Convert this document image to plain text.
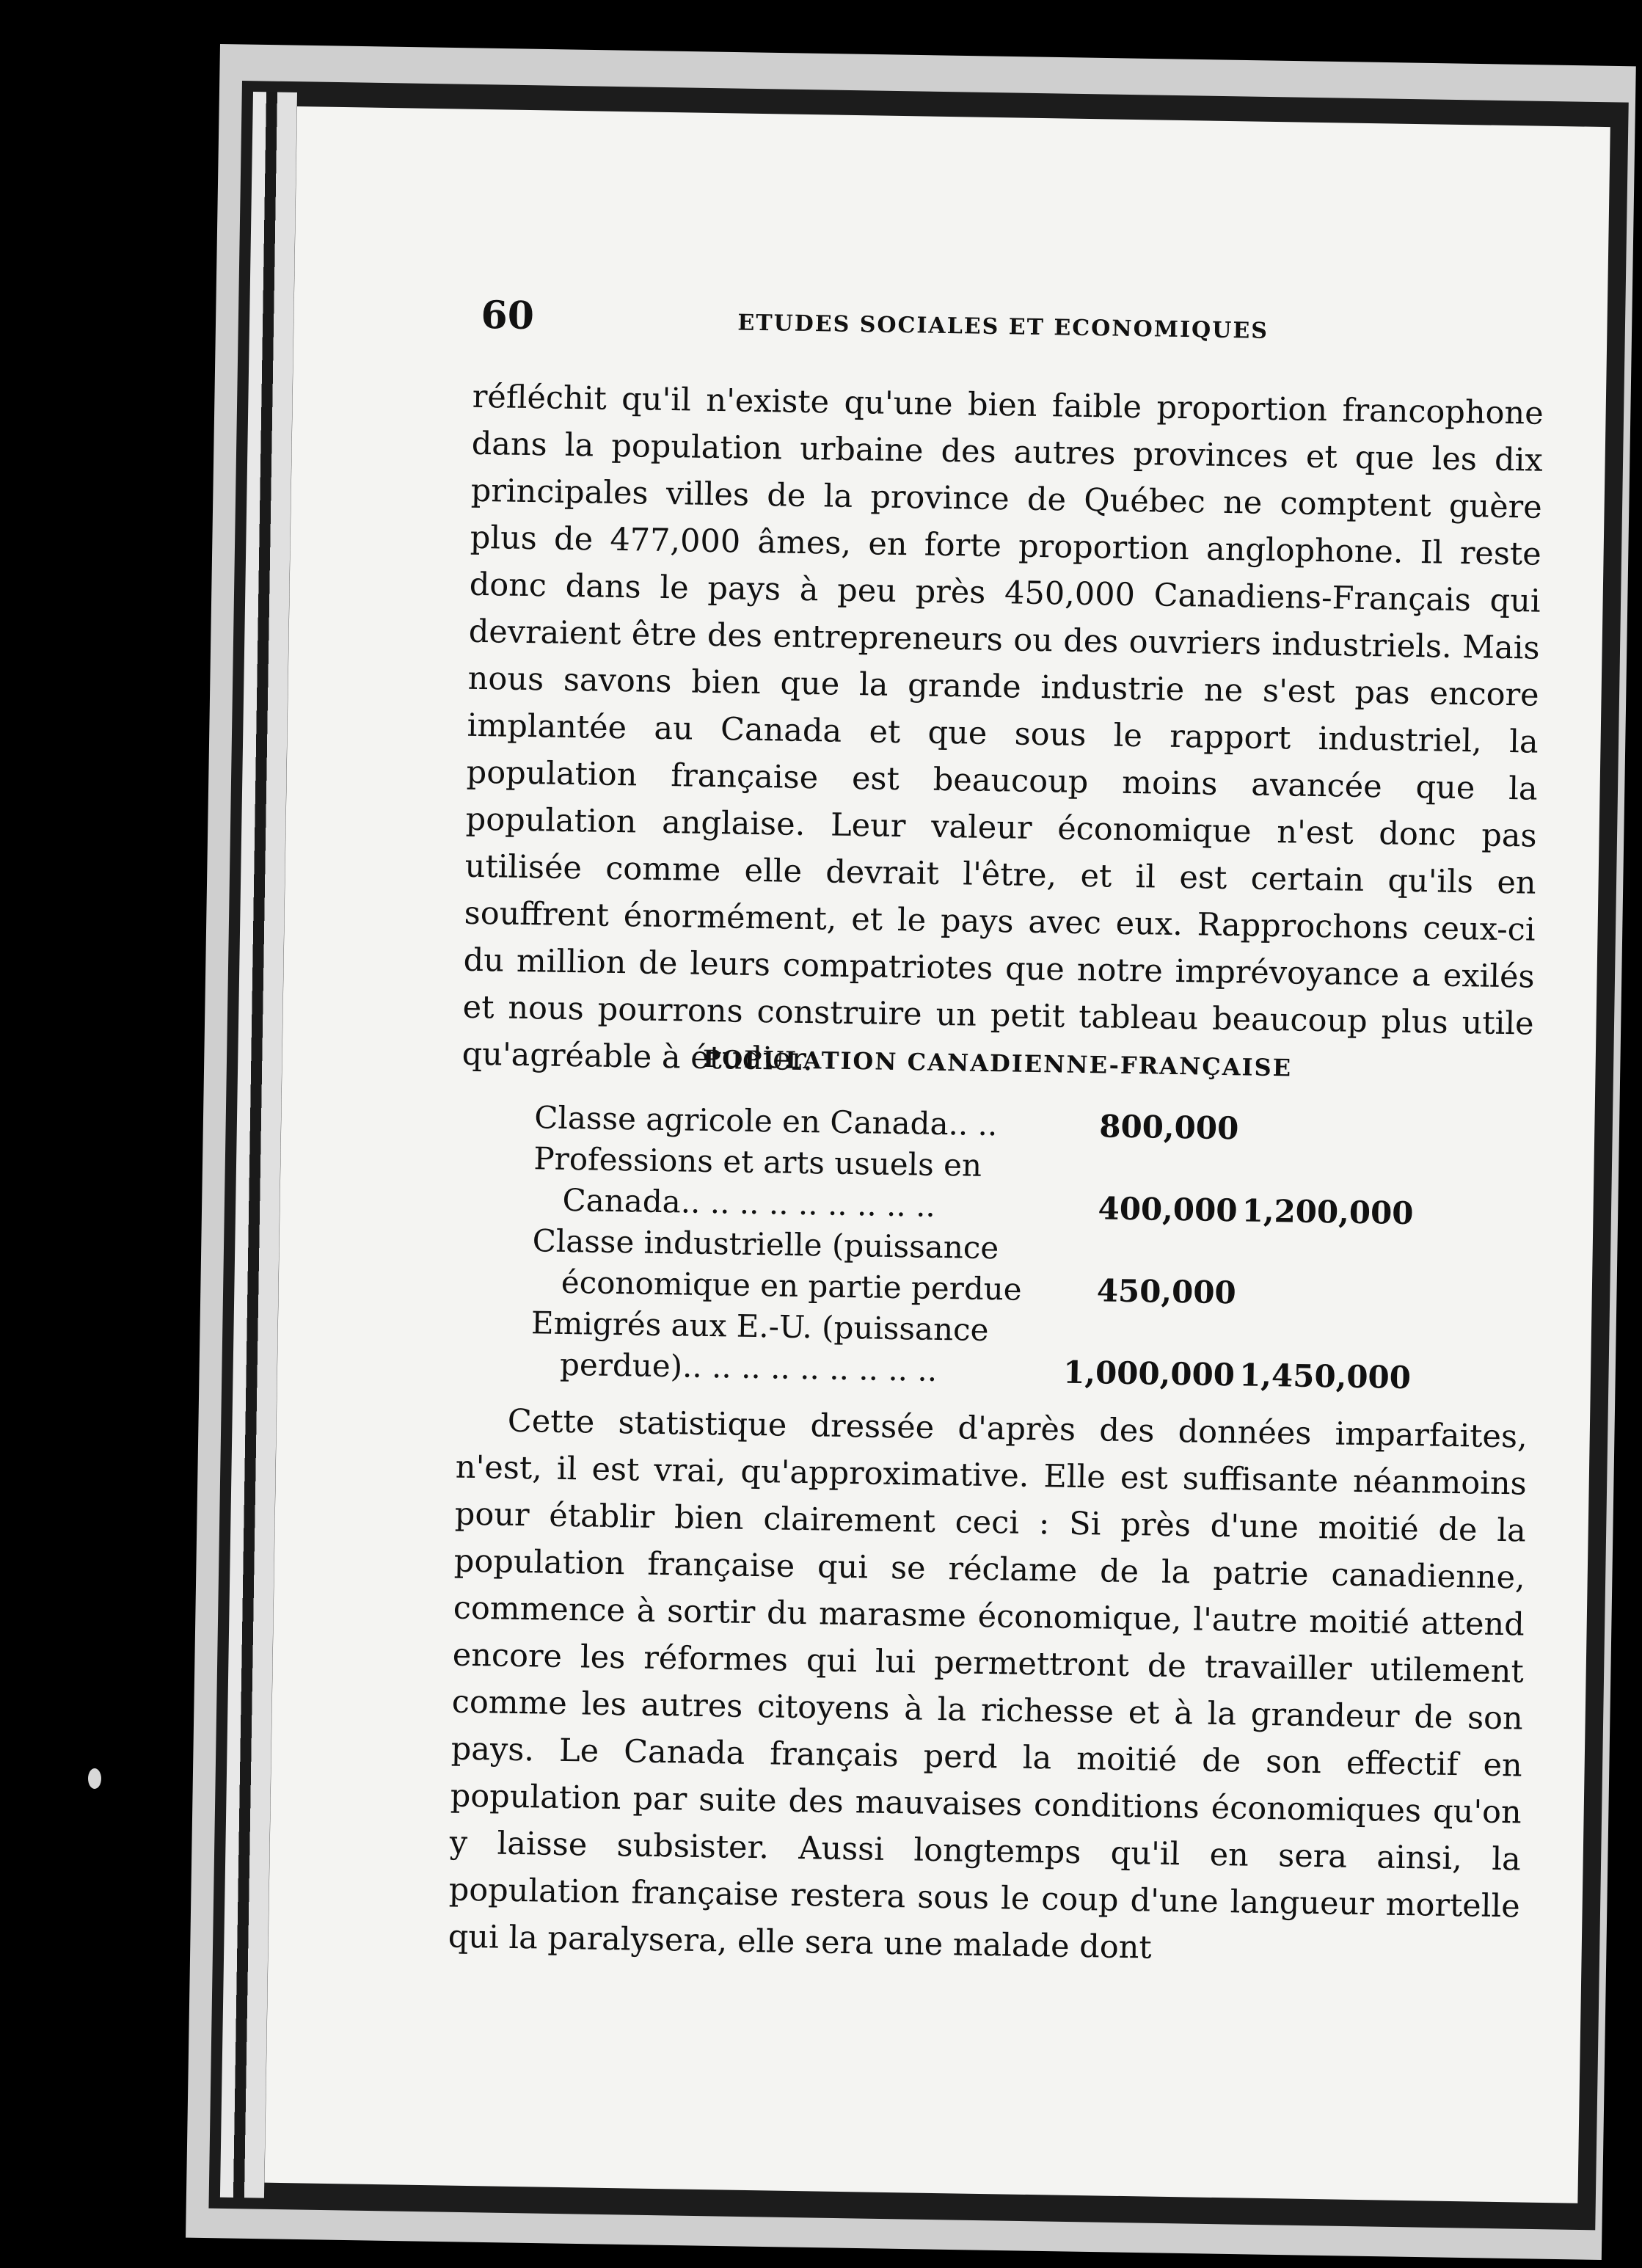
60	ETUDES SOCIALES ET ECONOMIQUES

réfléchit qu'il n'existe qu'une bien faible proportion francophone dans la population urbaine des autres provinces et que les dix principales villes de la province de Québec ne comptent guère plus de 477,000 âmes, en forte proportion anglophone. Il reste donc dans le pays à peu près 450,000 Canadiens-Français qui devraient être des entrepreneurs ou des ouvriers industriels. Mais nous savons bien que la grande industrie ne s'est pas encore implantée au Canada et que sous le rapport industriel, la population française est beaucoup moins avancée que la population anglaise. Leur valeur économique n'est donc pas utilisée comme elle devrait l'être, et il est certain qu'ils en souffrent énormément, et le pays avec eux. Rapprochons ceux-ci du million de leurs compatriotes que notre imprévoyance a exilés et nous pourrons construire un petit tableau beaucoup plus utile qu'agréable à étudier.

POPULATION CANADIENNE-FRANÇAISE
Classe agricole en Canada.. ..	800,000
Professions et arts usuels en
Canada.. .. .. .. .. .. .. .. ..	400,000 1,200,000
Classe industrielle (puissance
économique en partie perdue	450,000
Emigrés aux E.-U. (puissance
perdue).. .. .. .. .. .. .. .. ..	1,000,000 1,450,000

Cette statistique dressée d'après des données imparfaites, n'est, il est vrai, qu'approximative. Elle est suffisante néanmoins pour établir bien clairement ceci : Si près d'une moitié de la population française qui se réclame de la patrie canadienne, commence à sortir du marasme économique, l'autre moitié attend encore les réformes qui lui permettront de travailler utilement comme les autres citoyens à la richesse et à la grandeur de son pays. Le Canada français perd la moitié de son effectif en population par suite des mauvaises conditions économiques qu'on y laisse subsister. Aussi longtemps qu'il en sera ainsi, la population française restera sous le coup d'une langueur mortelle qui la paralysera, elle sera une malade dont
